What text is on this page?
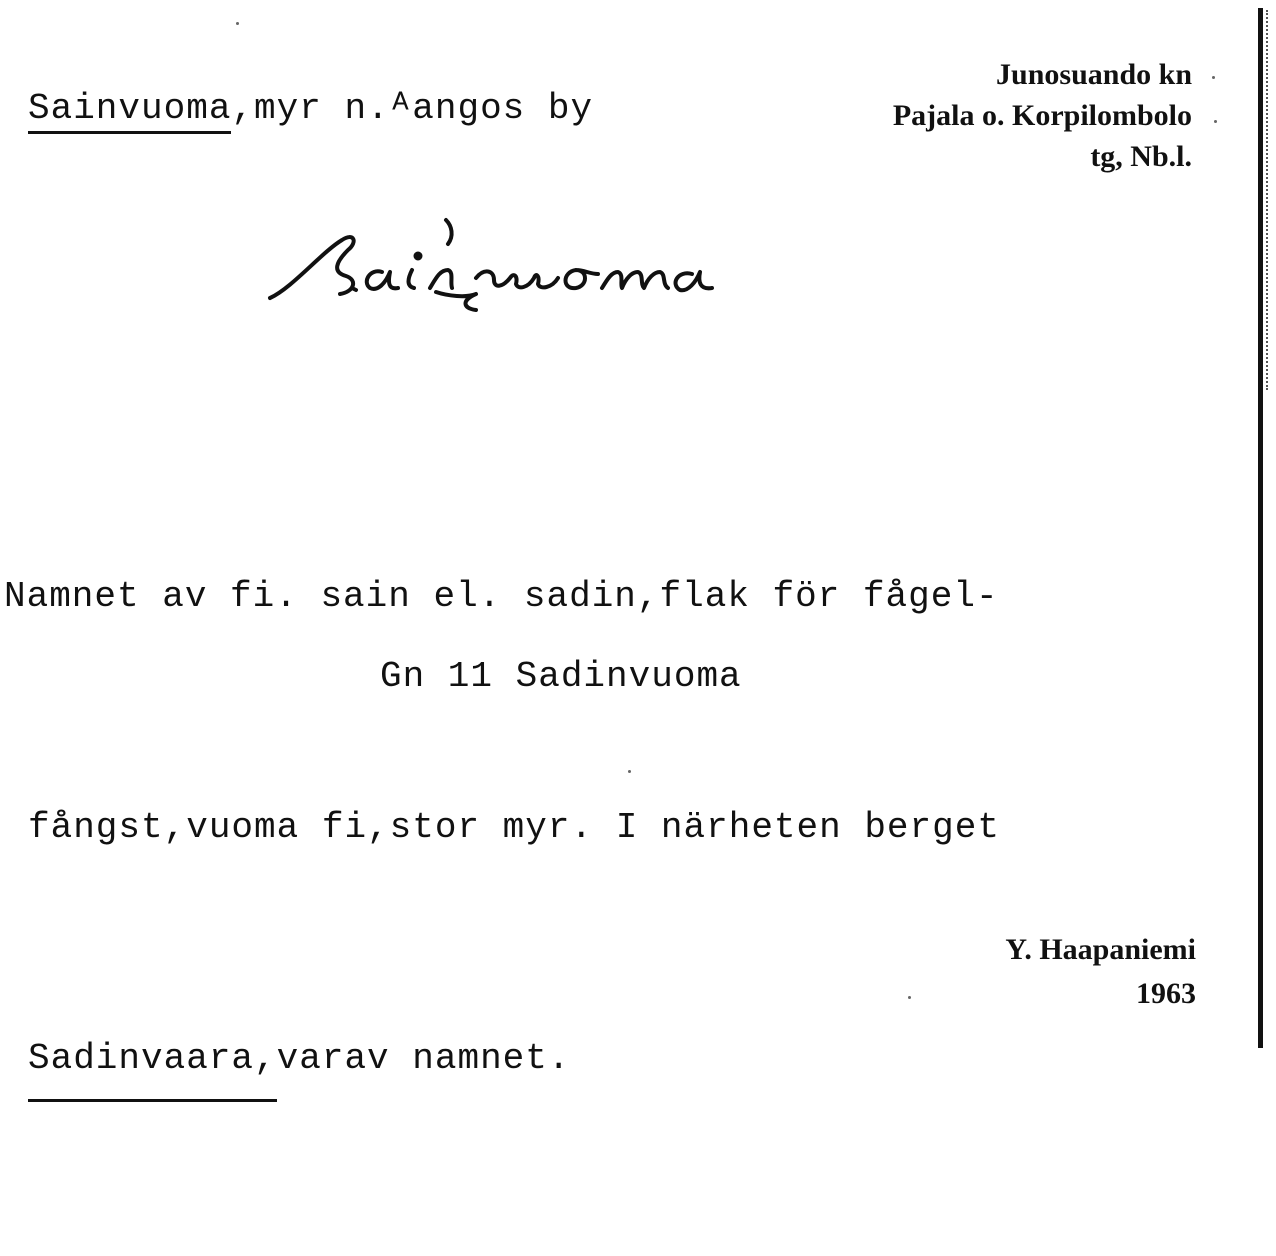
Sainvuoma,myr n.ᴬangos by
Junosuando kn
Pajala o. Korpilombolo
tg, Nb.l.

Namnet av fi. sain el. sadin,flak för fågel-

fångst,vuoma fi,stor myr. I närheten berget

Sadinvaara,varav namnet.

Gn 11 Sadinvuoma
Y. Haapaniemi
1963
